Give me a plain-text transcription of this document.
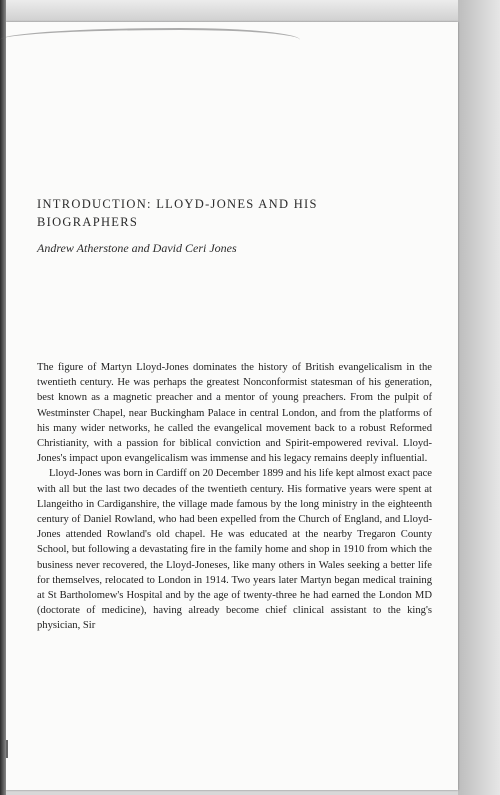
INTRODUCTION: LLOYD-JONES AND HIS
BIOGRAPHERS
Andrew Atherstone and David Ceri Jones

The figure of Martyn Lloyd-Jones dominates the history of British evangelicalism in the twentieth century. He was perhaps the greatest Nonconformist statesman of his generation, best known as a magnetic preacher and a mentor of young preachers. From the pulpit of Westminster Chapel, near Buckingham Palace in central London, and from the platforms of his many wider networks, he called the evangelical movement back to a robust Reformed Christianity, with a passion for biblical conviction and Spirit-empowered revival. Lloyd-Jones's impact upon evangelicalism was immense and his legacy remains deeply influential.

Lloyd-Jones was born in Cardiff on 20 December 1899 and his life kept almost exact pace with all but the last two decades of the twentieth century. His formative years were spent at Llangeitho in Cardiganshire, the village made famous by the long ministry in the eighteenth century of Daniel Rowland, who had been expelled from the Church of England, and Lloyd-Jones attended Rowland's old chapel. He was educated at the nearby Tregaron County School, but following a devastating fire in the family home and shop in 1910 from which the business never recovered, the Lloyd-Joneses, like many others in Wales seeking a better life for themselves, relocated to London in 1914. Two years later Martyn began medical training at St Bartholomew's Hospital and by the age of twenty-three he had earned the London MD (doctorate of medicine), having already become chief clinical assistant to the king's physician, Sir
